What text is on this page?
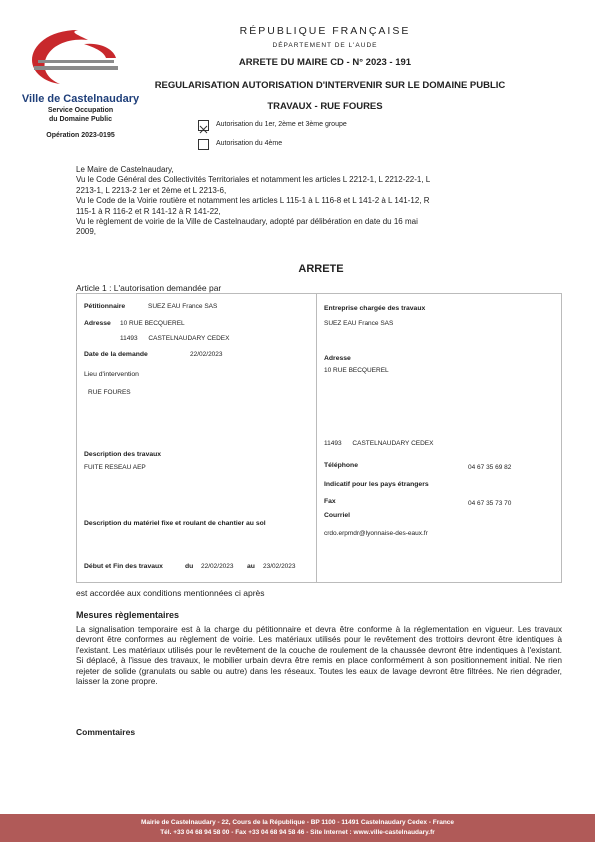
Ville de Castelnaudary
Service Occupation
du Domaine Public
Opération 2023-0195
RÉPUBLIQUE FRANÇAISE
DÉPARTEMENT DE L'AUDE
ARRETE DU MAIRE CD - N° 2023 - 191
REGULARISATION AUTORISATION D'INTERVENIR SUR LE DOMAINE PUBLIC
TRAVAUX - RUE FOURES
Autorisation du 1er, 2ème et 3ème groupe
Autorisation du 4ème
Le Maire de Castelnaudary,
Vu le Code Général des Collectivités Territoriales et notamment les articles L 2212-1, L 2212-22-1, L
2213-1, L 2213-2 1er et 2ème et L 2213-6,
Vu le Code de la Voirie routière et notamment les articles L 115-1 à L 116-8 et L 141-2 à L 141-12, R
115-1 à R 116-2 et R 141-12 à R 141-22,
Vu le règlement de voirie de la Ville de Castelnaudary, adopté par délibération en date du 16 mai
2009,
ARRETE
Article 1 : L'autorisation demandée par
Pétitionnaire	SUEZ EAU France SAS
Adresse 10 RUE BECQUEREL
11493      CASTELNAUDARY CEDEX
Date de la demande	22/02/2023
Lieu d'intervention
RUE FOURES
Description des travaux
FUITE RESEAU AEP
Description du matériel fixe et roulant de chantier au sol
Début et Fin des travaux	du 22/02/2023 au 23/02/2023
Entreprise chargée des travaux
SUEZ EAU France SAS
Adresse
10 RUE BECQUEREL
11493      CASTELNAUDARY CEDEX
Téléphone	04 67 35 69 82
Indicatif pour les pays étrangers
Fax	04 67 35 73 70
Courriel
crdo.erpmdr@lyonnaise-des-eaux.fr
est accordée aux conditions mentionnées ci après
Mesures règlementaires
La signalisation temporaire est à la charge du pétitionnaire et devra être conforme à la réglementation en vigueur. Les travaux devront être conformes au règlement de voirie. Les matériaux utilisés pour le revêtement des trottoirs devront être identiques à l'existant. Les matériaux utilisés pour le revêtement de la couche de roulement de la chaussée devront être indentiques à l'existant. Si déplacé, à l'issue des travaux, le mobilier urbain devra être remis en place conformément à son positionnement initial. Ne rien rejeter de solide (granulats ou sable ou autre) dans les réseaux. Toutes les eaux de lavage devront être filtrées. Ne rien dégrader, laisser la zone propre.
Commentaires
Mairie de Castelnaudary - 22, Cours de la République - BP 1100 - 11491 Castelnaudary Cedex - France
Tél. +33 04 68 94 58 00 - Fax +33 04 68 94 58 46 - Site Internet : www.ville-castelnaudary.fr
